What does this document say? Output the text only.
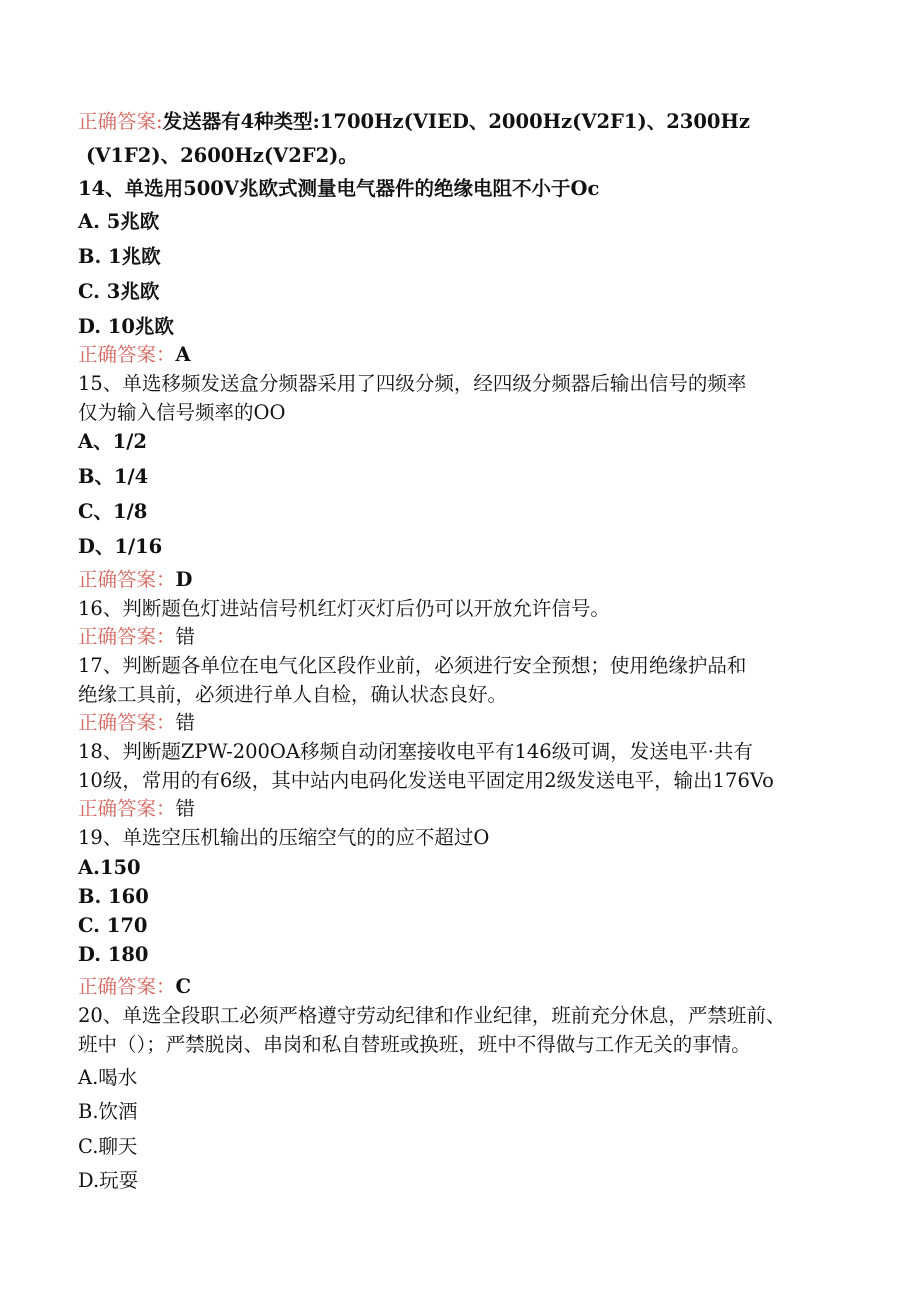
正确答案:发送器有4种类型:1700Hz(VIED、2000Hz(V2F1)、2300Hz
(V1F2)、2600Hz(V2F2)。
14、单选用500V兆欧式测量电气器件的绝缘电阻不小于Oc
A. 5兆欧
B. 1兆欧
C. 3兆欧
D. 10兆欧
正确答案：A
15、单选移频发送盒分频器采用了四级分频，经四级分频器后输出信号的频率
仅为输入信号频率的OO
A、1/2
B、1/4
C、1/8
D、1/16
正确答案：D
16、判断题色灯进站信号机红灯灭灯后仍可以开放允许信号。
正确答案：错
17、判断题各单位在电气化区段作业前，必须进行安全预想；使用绝缘护品和
绝缘工具前，必须进行单人自检，确认状态良好。
正确答案：错
18、判断题ZPW-200OA移频自动闭塞接收电平有146级可调，发送电平·共有
10级，常用的有6级，其中站内电码化发送电平固定用2级发送电平，输出176Vo
正确答案：错
19、单选空压机输出的压缩空气的的应不超过O
A.150
B. 160
C. 170
D. 180
正确答案：C
20、单选全段职工必须严格遵守劳动纪律和作业纪律，班前充分休息，严禁班前、
班中（）；严禁脱岗、串岗和私自替班或换班，班中不得做与工作无关的事情。
A.喝水
B.饮酒
C.聊天
D.玩耍
